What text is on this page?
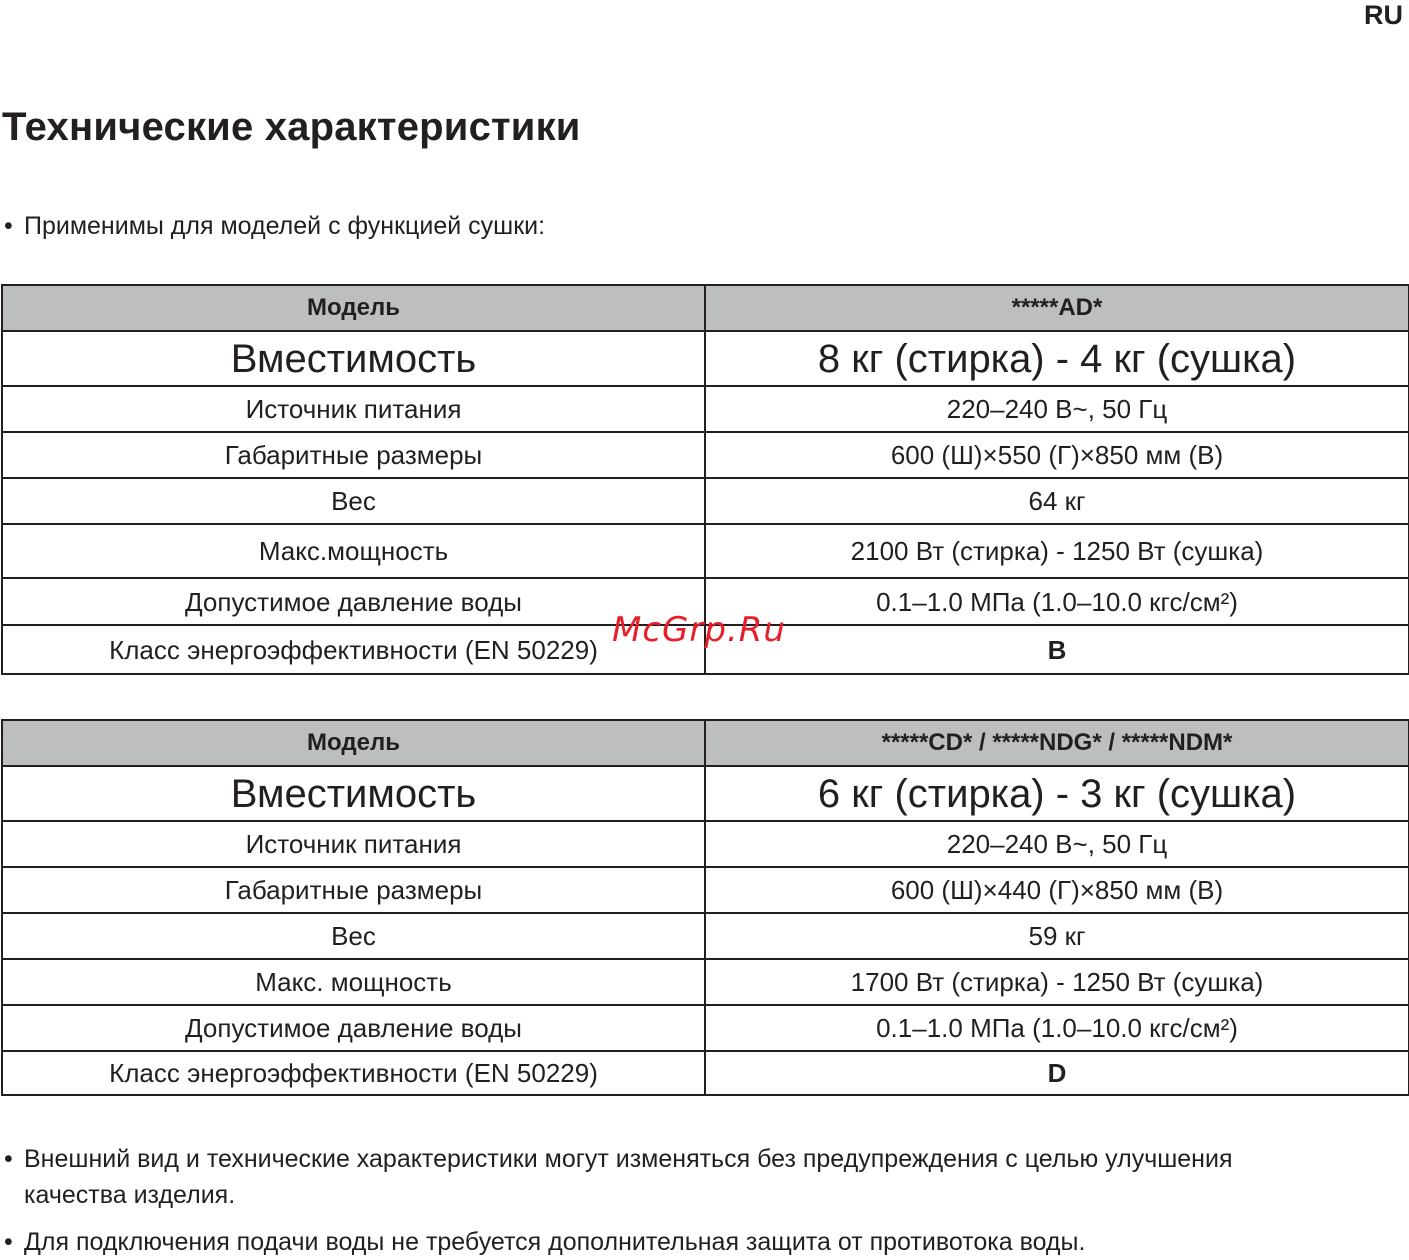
RU
Технические характеристики
• Применимы для моделей с функцией сушки:
Модель	*****AD*
Вместимость	8 кг (стирка) - 4 кг (сушка)
Источник питания	220–240 В~, 50 Гц
Габаритные размеры	600 (Ш)×550 (Г)×850 мм (В)
Вес	64 кг
Макс.мощность	2100 Вт (стирка) - 1250 Вт (сушка)
Допустимое давление воды	0.1–1.0 МПа (1.0–10.0 кгс/см²)
Класс энергоэффективности (EN 50229)	B
Модель	*****CD* / *****NDG* / *****NDM*
Вместимость	6 кг (стирка) - 3 кг (сушка)
Источник питания	220–240 В~, 50 Гц
Габаритные размеры	600 (Ш)×440 (Г)×850 мм (В)
Вес	59 кг
Макс. мощность	1700 Вт (стирка) - 1250 Вт (сушка)
Допустимое давление воды	0.1–1.0 МПа (1.0–10.0 кгс/см²)
Класс энергоэффективности (EN 50229)	D
McGrp.Ru
• Внешний вид и технические характеристики могут изменяться без предупреждения с целью улучшения
качества изделия.
• Для подключения подачи воды не требуется дополнительная защита от противотока воды.
